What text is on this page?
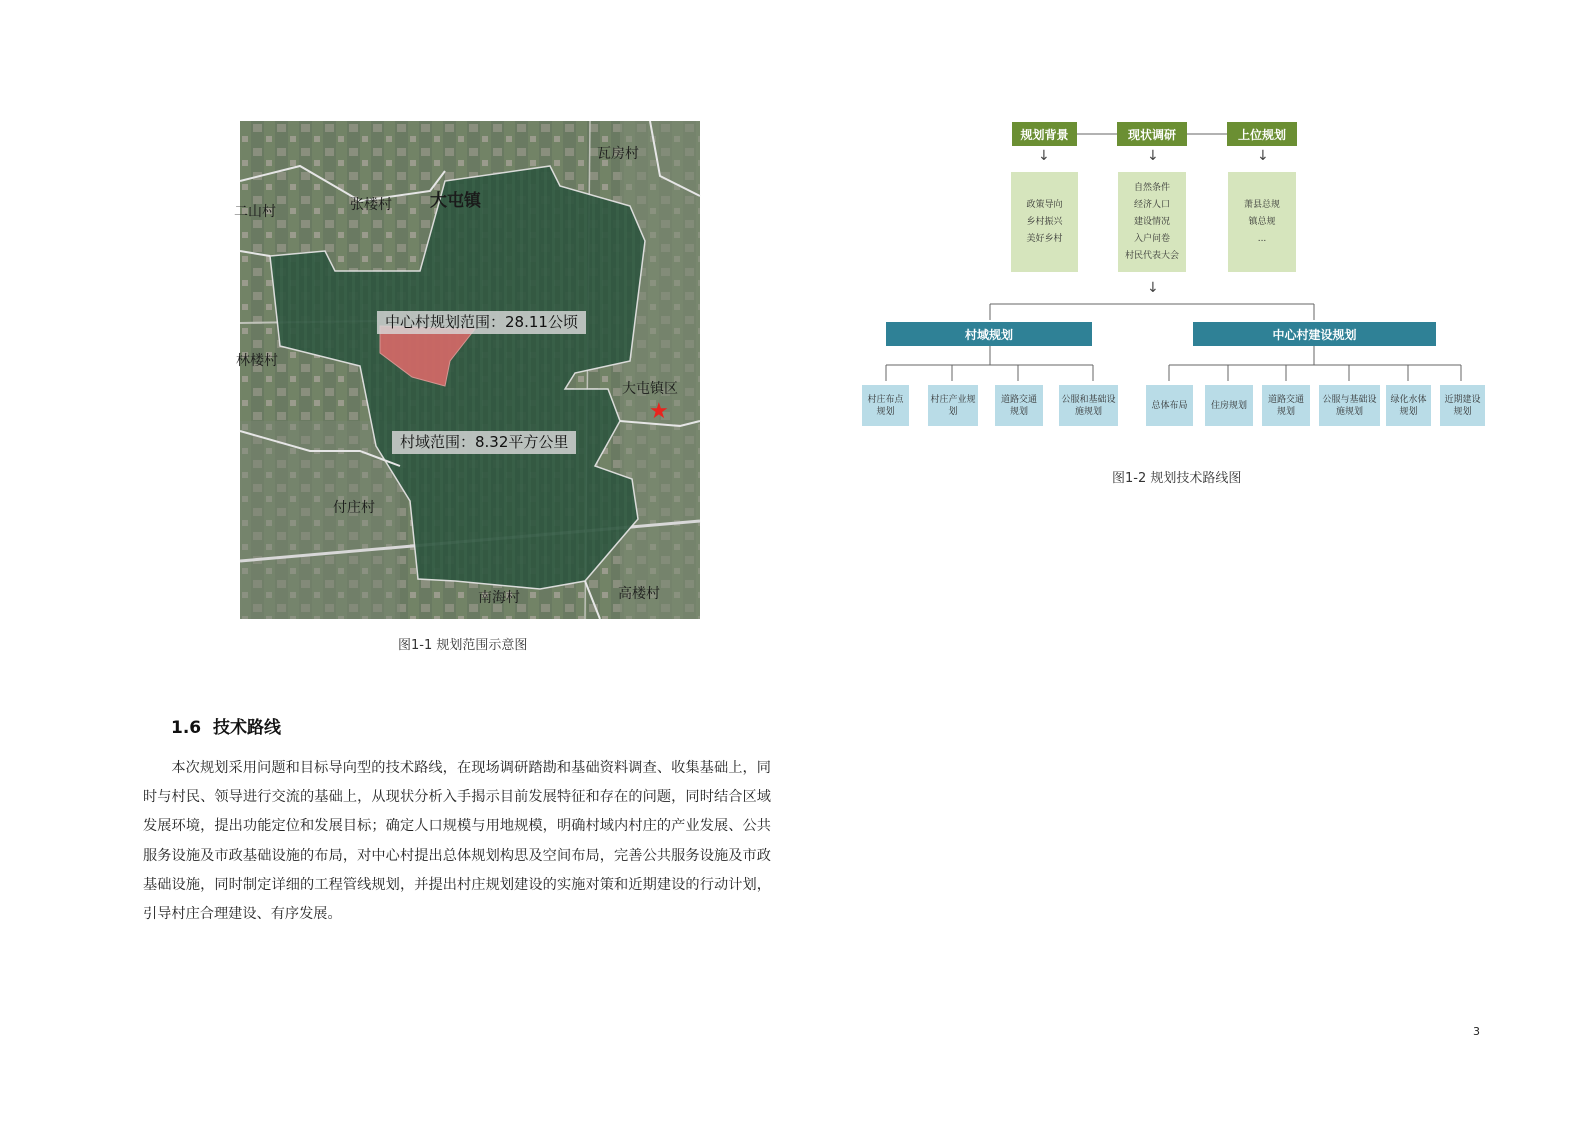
瓦房村
张楼村 大屯镇
二山村
林楼村
大屯镇区
★
付庄村
南海村	高楼村
中心村规划范围：28.11公顷
村域范围：8.32平方公里
图1-1 规划范围示意图
规划背景	现状调研	上位规划
↓	↓	↓
政策导向
乡村振兴
美好乡村
自然条件
经济人口
建设情况
入户问卷
村民代表大会
萧县总规
镇总规
...
↓
村域规划	中心村建设规划
村庄布点规划
村庄产业规划
道路交通规划
公服和基础设施规划
总体布局	住房规划
道路交通规划
公服与基础设施规划
绿化水体规划
近期建设规划
图1-2 规划技术路线图
1.6 技术路线

本次规划采用问题和目标导向型的技术路线，在现场调研踏勘和基础资料调查、收集基础上，同时与村民、领导进行交流的基础上，从现状分析入手揭示目前发展特征和存在的问题，同时结合区域发展环境，提出功能定位和发展目标；确定人口规模与用地规模，明确村域内村庄的产业发展、公共服务设施及市政基础设施的布局，对中心村提出总体规划构思及空间布局，完善公共服务设施及市政基础设施，同时制定详细的工程管线规划，并提出村庄规划建设的实施对策和近期建设的行动计划，引导村庄合理建设、有序发展。

3
